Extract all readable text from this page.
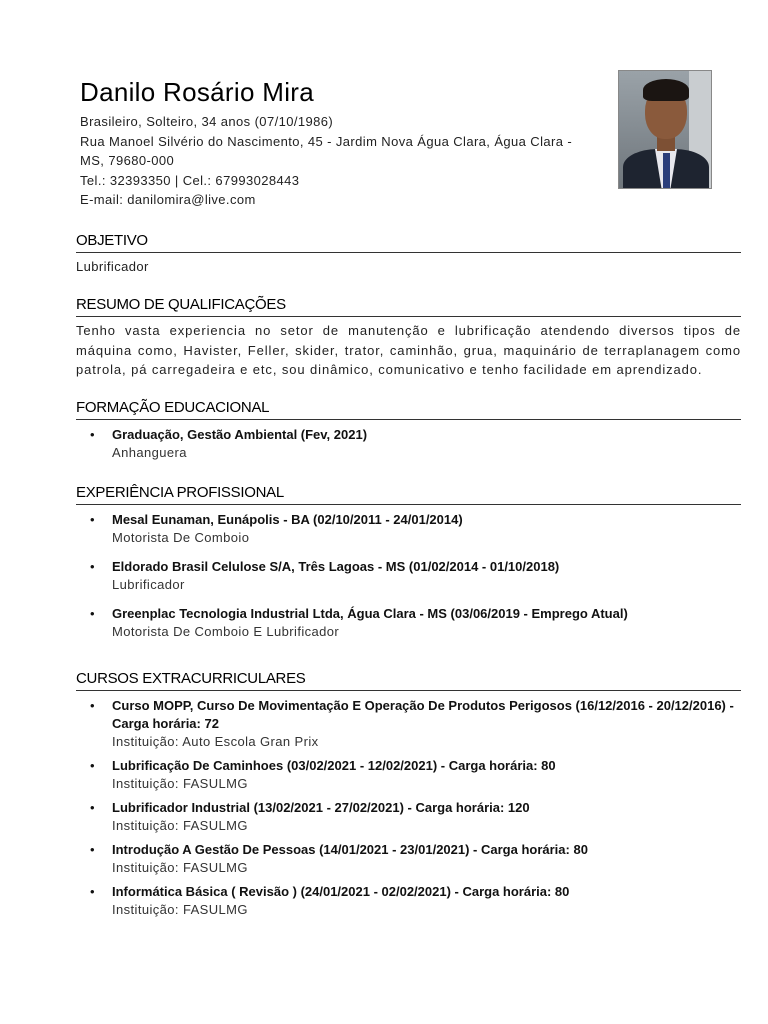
Danilo Rosário Mira
Brasileiro, Solteiro, 34 anos (07/10/1986)
Rua Manoel Silvério do Nascimento, 45 - Jardim Nova Água Clara, Água Clara -
MS, 79680-000
Tel.: 32393350 | Cel.: 67993028443
E-mail: danilomira@live.com
OBJETIVO

Lubrificador

RESUMO DE QUALIFICAÇÕES

Tenho vasta experiencia no setor de manutenção e lubrificação atendendo diversos tipos de máquina como, Havister, Feller, skider, trator, caminhão, grua, maquinário de terraplanagem como patrola, pá carregadeira e etc, sou dinâmico, comunicativo e tenho facilidade em aprendizado.

FORMAÇÃO EDUCACIONAL
• Graduação, Gestão Ambiental (Fev, 2021)
Anhanguera
EXPERIÊNCIA PROFISSIONAL
• Mesal Eunaman, Eunápolis - BA (02/10/2011 - 24/01/2014)
Motorista De Comboio
• Eldorado Brasil Celulose S/A, Três Lagoas - MS (01/02/2014 - 01/10/2018)
Lubrificador
• Greenplac Tecnologia Industrial Ltda, Água Clara - MS (03/06/2019 - Emprego Atual)
Motorista De Comboio E Lubrificador
CURSOS EXTRACURRICULARES
• Curso MOPP, Curso De Movimentação E Operação De Produtos Perigosos (16/12/2016 - 20/12/2016) - Carga horária: 72
Instituição: Auto Escola Gran Prix
• Lubrificação De Caminhoes (03/02/2021 - 12/02/2021) - Carga horária: 80
Instituição: FASULMG
• Lubrificador Industrial (13/02/2021 - 27/02/2021) - Carga horária: 120
Instituição: FASULMG
• Introdução A Gestão De Pessoas (14/01/2021 - 23/01/2021) - Carga horária: 80
Instituição: FASULMG
• Informática Básica ( Revisão ) (24/01/2021 - 02/02/2021) - Carga horária: 80
Instituição: FASULMG
